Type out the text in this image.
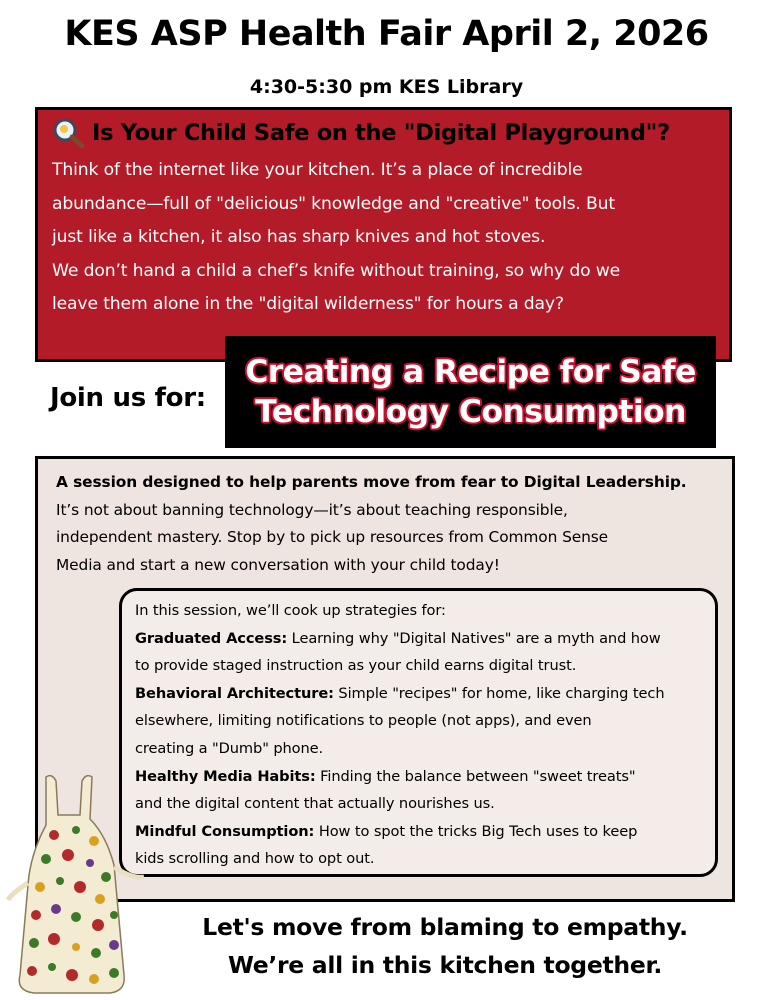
KES ASP Health Fair April 2, 2026
4:30-5:30 pm KES Library
Is Your Child Safe on the "Digital Playground"?

Think of the internet like your kitchen. It’s a place of incredible

abundance—full of "delicious" knowledge and "creative" tools. But

just like a kitchen, it also has sharp knives and hot stoves.

We don’t hand a child a chef’s knife without training, so why do we

leave them alone in the "digital wilderness" for hours a day?

Join us for:
Creating a Recipe for Safe
Technology Consumption
A session designed to help parents move from fear to Digital Leadership.
It’s not about banning technology—it’s about teaching responsible,
independent mastery. Stop by to pick up resources from Common Sense
Media and start a new conversation with your child today!
In this session, we’ll cook up strategies for:
Graduated Access: Learning why "Digital Natives" are a myth and how
to provide staged instruction as your child earns digital trust.
Behavioral Architecture: Simple "recipes" for home, like charging tech
elsewhere, limiting notifications to people (not apps), and even
creating a "Dumb" phone.
Healthy Media Habits: Finding the balance between "sweet treats"
and the digital content that actually nourishes us.
Mindful Consumption: How to spot the tricks Big Tech uses to keep
kids scrolling and how to opt out.
Let's move from blaming to empathy.
We’re all in this kitchen together.
